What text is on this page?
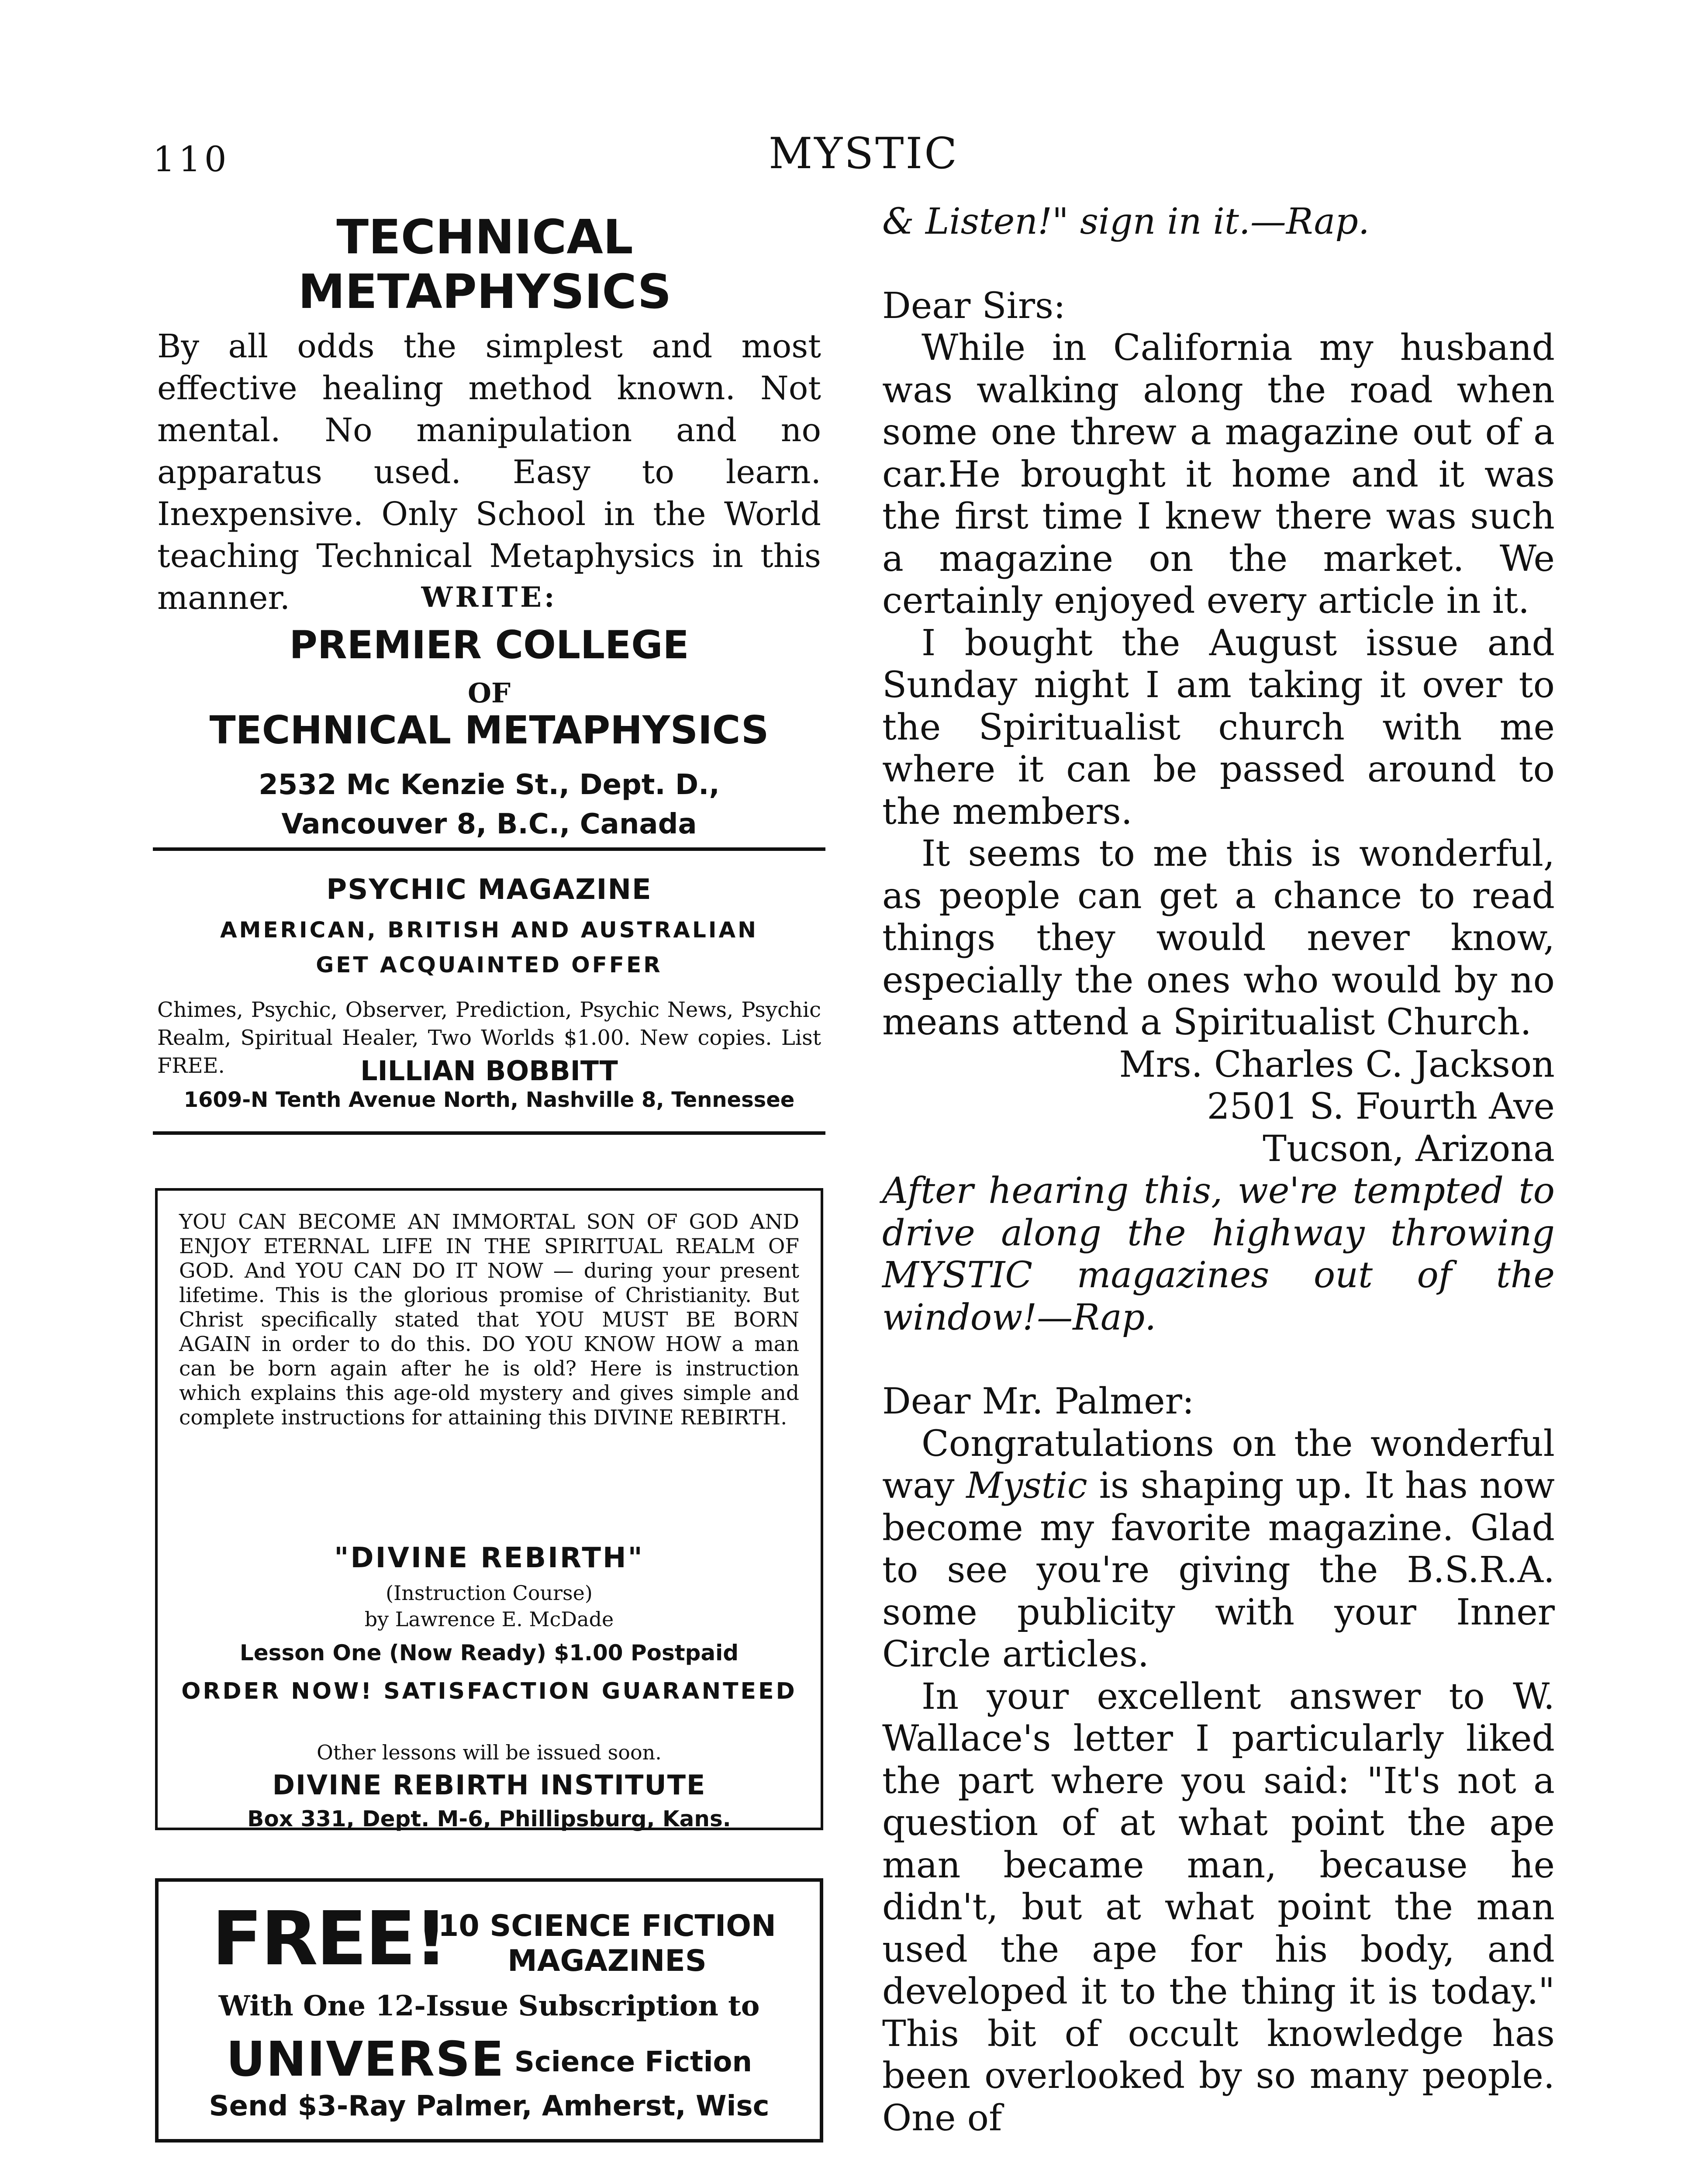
110	MYSTIC
TECHNICAL
METAPHYSICS
By all odds the simplest and most effective healing method known. Not mental. No manipulation and no apparatus used. Easy to learn. Inexpensive. Only School in the World teaching Technical Metaphysics in this manner.	WRITE:
PREMIER COLLEGE
OF
TECHNICAL METAPHYSICS
2532 Mc Kenzie St., Dept. D.,
Vancouver 8, B.C., Canada
PSYCHIC MAGAZINE
AMERICAN, BRITISH AND AUSTRALIAN
GET ACQUAINTED OFFER
Chimes, Psychic, Observer, Prediction, Psychic News, Psychic Realm, Spiritual Healer, Two Worlds $1.00. New copies. List FREE.	LILLIAN BOBBITT
1609-N Tenth Avenue North, Nashville 8, Tennessee
YOU CAN BECOME AN IMMORTAL SON OF GOD AND ENJOY ETERNAL LIFE IN THE SPIRITUAL REALM OF GOD. And YOU CAN DO IT NOW — during your present lifetime. This is the glorious promise of Christianity. But Christ specifically stated that YOU MUST BE BORN AGAIN in order to do this. DO YOU KNOW HOW a man can be born again after he is old? Here is instruction which explains this age-old mystery and gives simple and complete instructions for attaining this DIVINE REBIRTH.
"DIVINE REBIRTH"
(Instruction Course)
by Lawrence E. McDade
Lesson One (Now Ready) $1.00 Postpaid
ORDER NOW! SATISFACTION GUARANTEED
Other lessons will be issued soon.
DIVINE REBIRTH INSTITUTE
Box 331, Dept. M-6, Phillipsburg, Kans.
FREE!
10 SCIENCE FICTION MAGAZINES
With One 12-Issue Subscription to
UNIVERSE Science Fiction
Send $3-Ray Palmer, Amherst, Wisc

& Listen!" sign in it.—Rap.

Dear Sirs:

While in California my husband was walking along the road when some one threw a magazine out of a car.He brought it home and it was the first time I knew there was such a magazine on the market. We certainly enjoyed every article in it.

I bought the August issue and Sunday night I am taking it over to the Spiritualist church with me where it can be passed around to the members.

It seems to me this is wonderful, as people can get a chance to read things they would never know, especially the ones who would by no means attend a Spiritualist Church.

Mrs. Charles C. Jackson

2501 S. Fourth Ave

Tucson, Arizona

After hearing this, we're tempted to drive along the highway throwing MYSTIC magazines out of the window!—Rap.

Dear Mr. Palmer:

Congratulations on the wonderful way Mystic is shaping up. It has now become my favorite magazine. Glad to see you're giving the B.S.R.A. some publicity with your Inner Circle articles.

In your excellent answer to W. Wallace's letter I particularly liked the part where you said: "It's not a question of at what point the ape man became man, because he didn't, but at what point the man used the ape for his body, and developed it to the thing it is today." This bit of occult knowledge has been overlooked by so many people. One of
